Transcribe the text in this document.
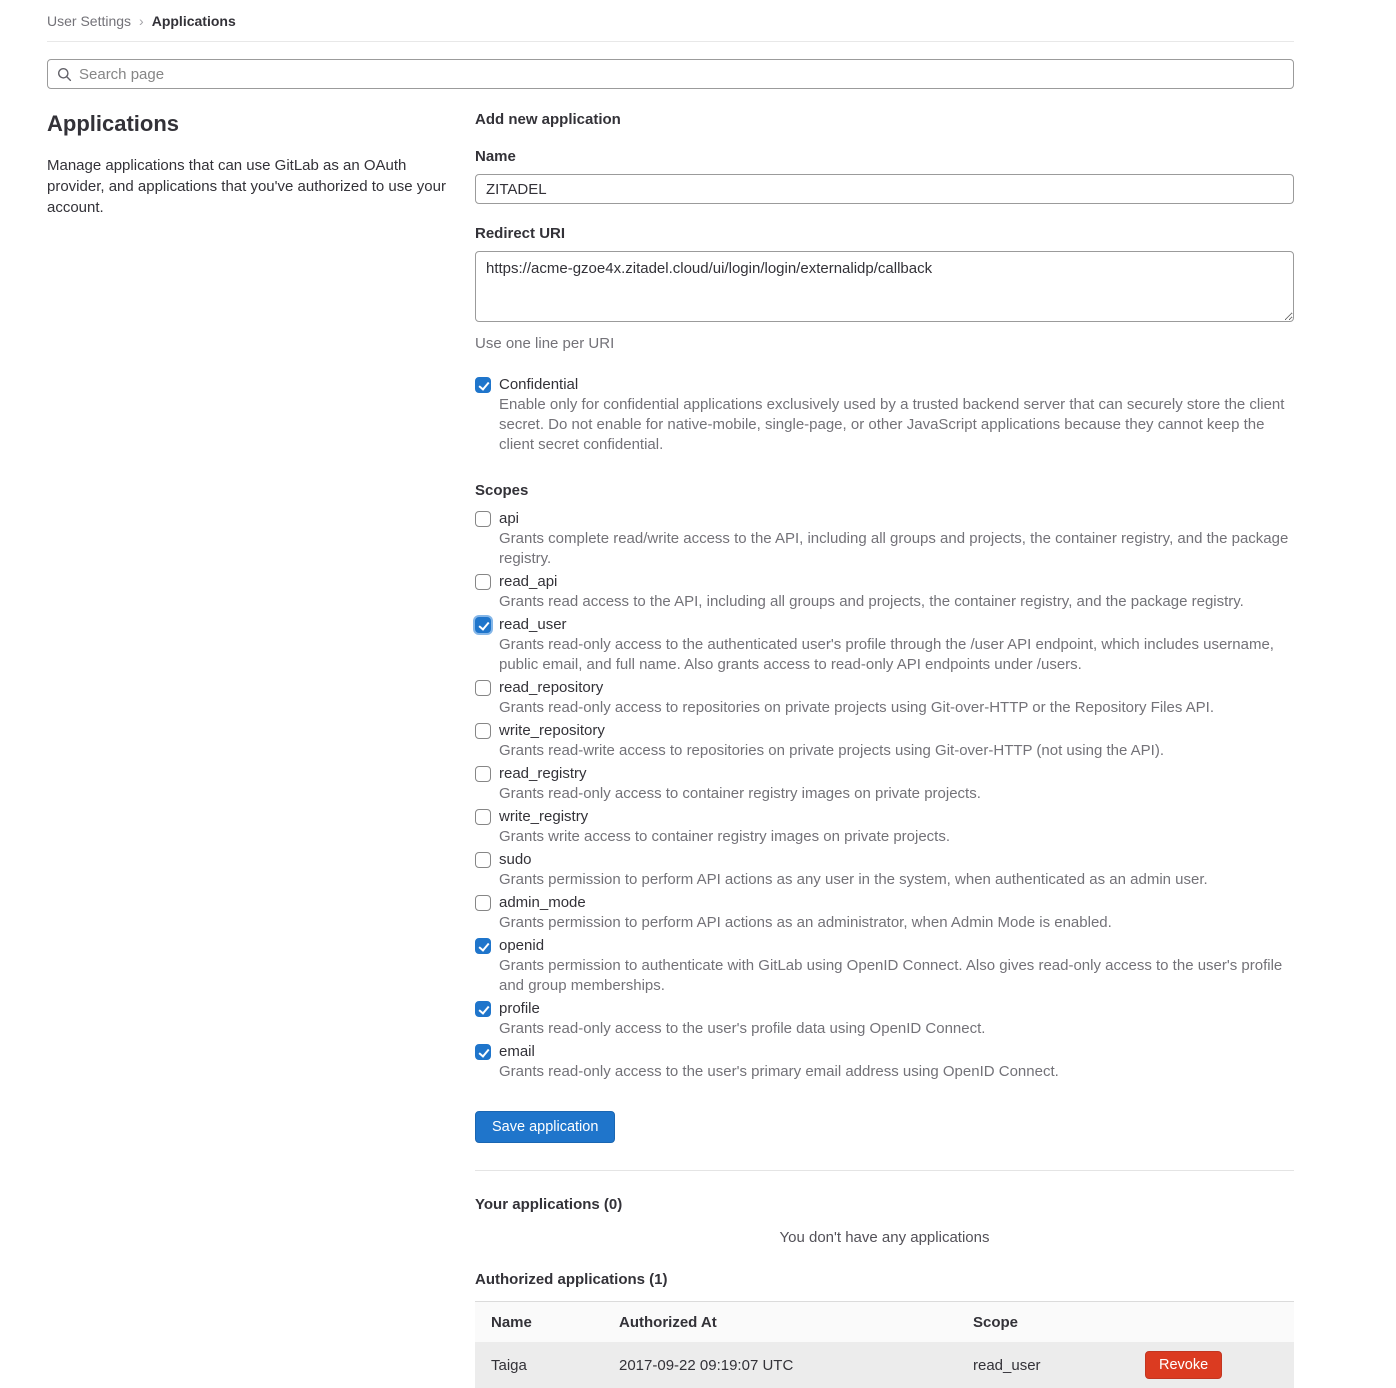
User Settings › Applications
Search page
Applications

Manage applications that can use GitLab as an OAuth provider, and applications that you've authorized to use your account.

Add new application
Name
ZITADEL
Redirect URI
https://acme-gzoe4x.zitadel.cloud/ui/login/login/externalidp/callback
Use one line per URI
Confidential
Enable only for confidential applications exclusively used by a trusted backend server that can securely store the client secret. Do not enable for native-mobile, single-page, or other JavaScript applications because they cannot keep the client secret confidential.
Scopes
api
Grants complete read/write access to the API, including all groups and projects, the container registry, and the package registry.
read_api
Grants read access to the API, including all groups and projects, the container registry, and the package registry.
read_user
Grants read-only access to the authenticated user's profile through the /user API endpoint, which includes username, public email, and full name. Also grants access to read-only API endpoints under /users.
read_repository
Grants read-only access to repositories on private projects using Git-over-HTTP or the Repository Files API.
write_repository
Grants read-write access to repositories on private projects using Git-over-HTTP (not using the API).
read_registry
Grants read-only access to container registry images on private projects.
write_registry
Grants write access to container registry images on private projects.
sudo
Grants permission to perform API actions as any user in the system, when authenticated as an admin user.
admin_mode
Grants permission to perform API actions as an administrator, when Admin Mode is enabled.
openid
Grants permission to authenticate with GitLab using OpenID Connect. Also gives read-only access to the user's profile and group memberships.
profile
Grants read-only access to the user's profile data using OpenID Connect.
email
Grants read-only access to the user's primary email address using OpenID Connect.
Save application
Your applications (0)
You don't have any applications
Authorized applications (1)
Name	Authorized At	Scope
Taiga	2017-09-22 09:19:07 UTC	read_user	Revoke
